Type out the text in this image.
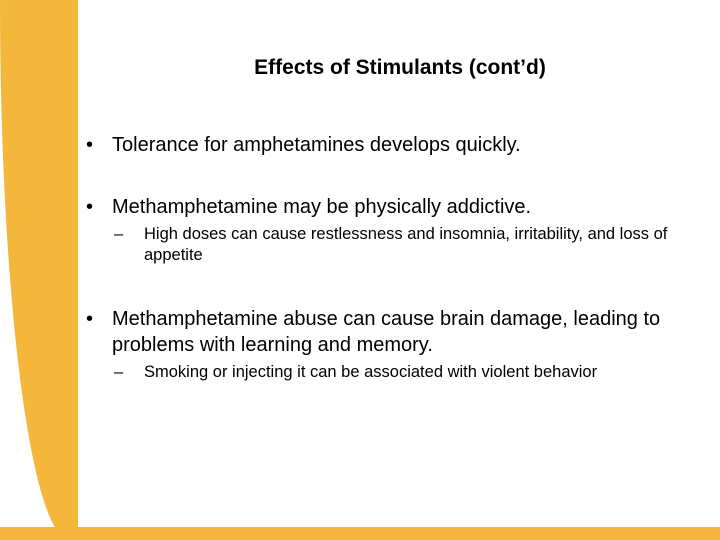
Effects of Stimulants (cont’d)
• Tolerance for amphetamines develops quickly.
• Methamphetamine may be physically addictive.
– High doses can cause restlessness and insomnia, irritability, and loss of appetite
• Methamphetamine abuse can cause brain damage, leading to problems with learning and memory.
– Smoking or injecting it can be associated with violent behavior
